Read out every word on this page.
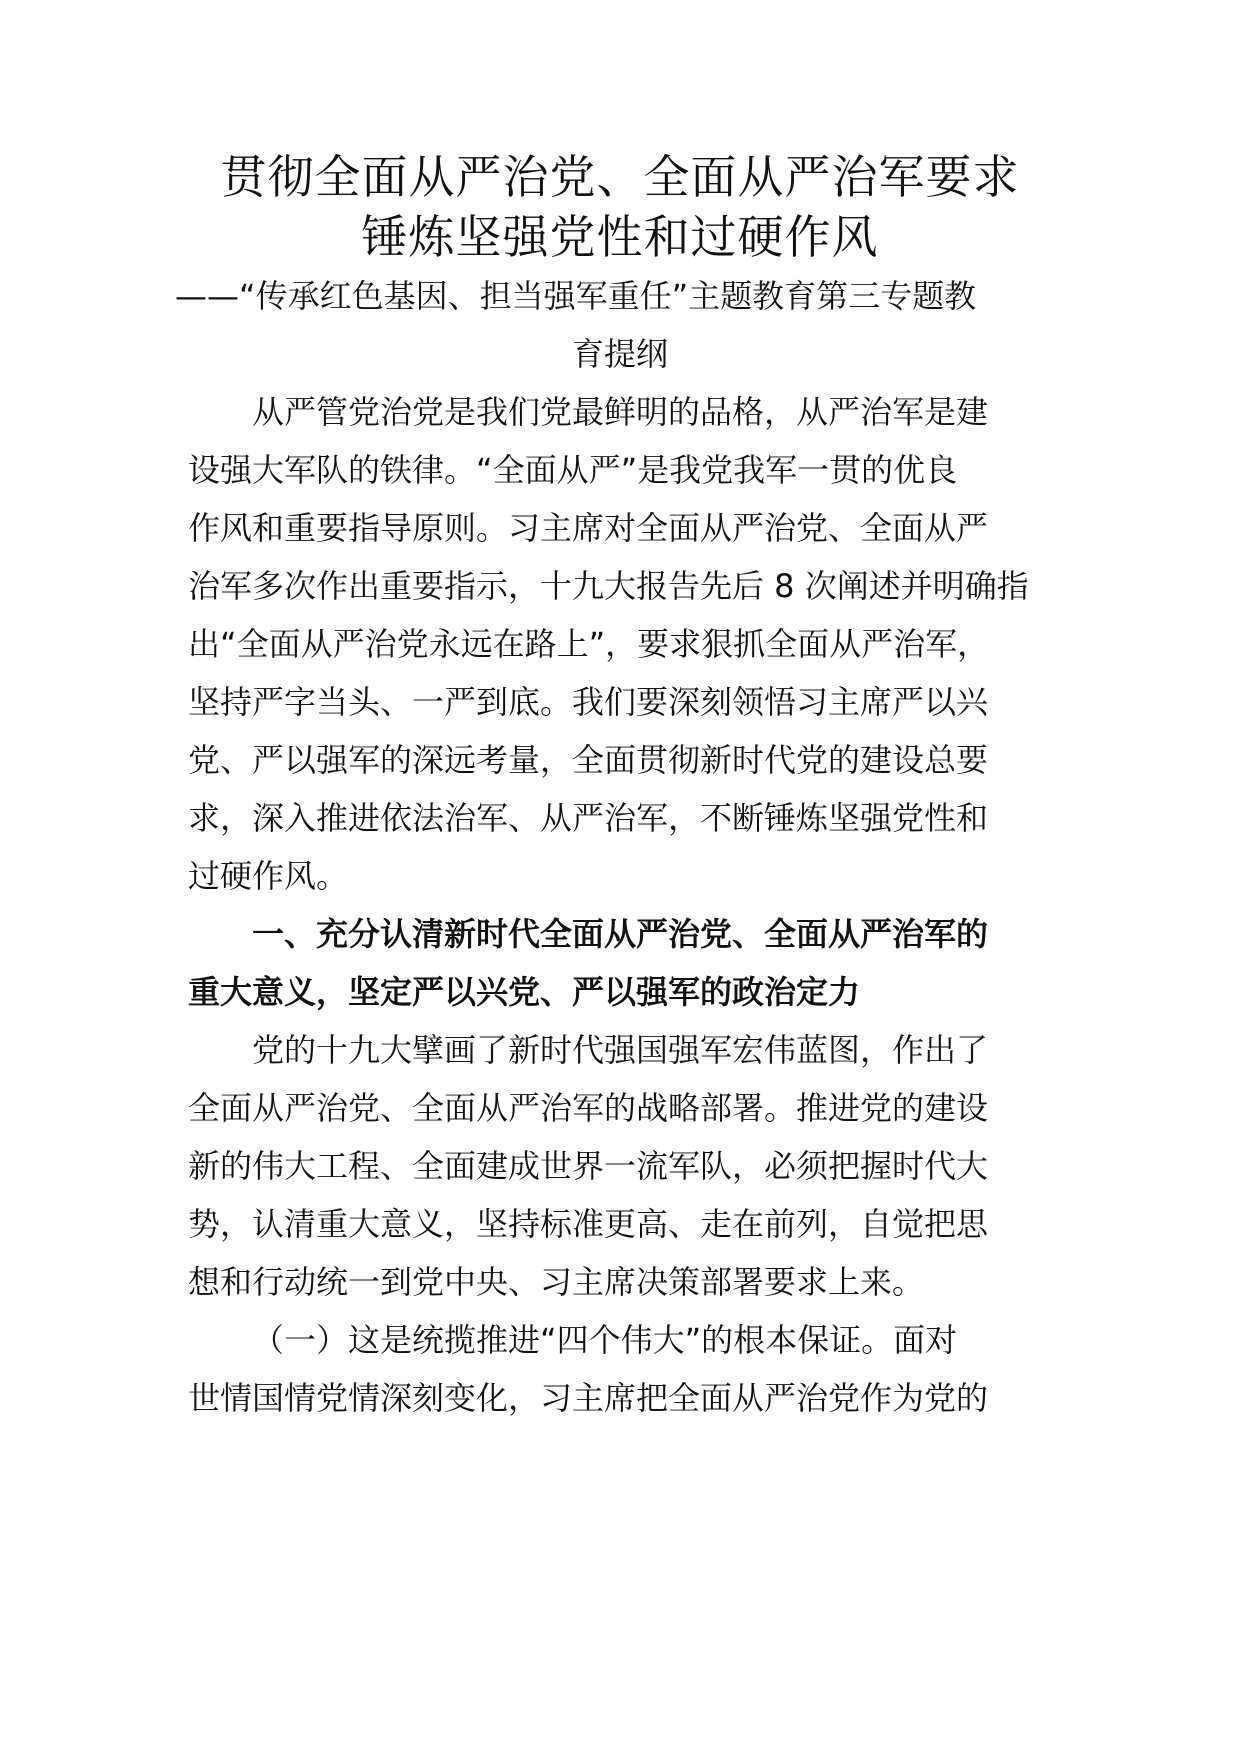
贯彻全面从严治党、全面从严治军要求
锤炼坚强党性和过硬作风
——“传承红色基因、担当强军重任”主题教育第三专题教
育提纲
从严管党治党是我们党最鲜明的品格，从严治军是建
设强大军队的铁律。“全面从严”是我党我军一贯的优良
作风和重要指导原则。习主席对全面从严治党、全面从严
治军多次作出重要指示，十九大报告先后 8 次阐述并明确指
出“全面从严治党永远在路上”，要求狠抓全面从严治军，
坚持严字当头、一严到底。我们要深刻领悟习主席严以兴
党、严以强军的深远考量，全面贯彻新时代党的建设总要
求，深入推进依法治军、从严治军，不断锤炼坚强党性和
过硬作风。
一、充分认清新时代全面从严治党、全面从严治军的
重大意义，坚定严以兴党、严以强军的政治定力
党的十九大擘画了新时代强国强军宏伟蓝图，作出了
全面从严治党、全面从严治军的战略部署。推进党的建设
新的伟大工程、全面建成世界一流军队，必须把握时代大
势，认清重大意义，坚持标准更高、走在前列，自觉把思
想和行动统一到党中央、习主席决策部署要求上来。
（一）这是统揽推进“四个伟大”的根本保证。面对
世情国情党情深刻变化，习主席把全面从严治党作为党的
